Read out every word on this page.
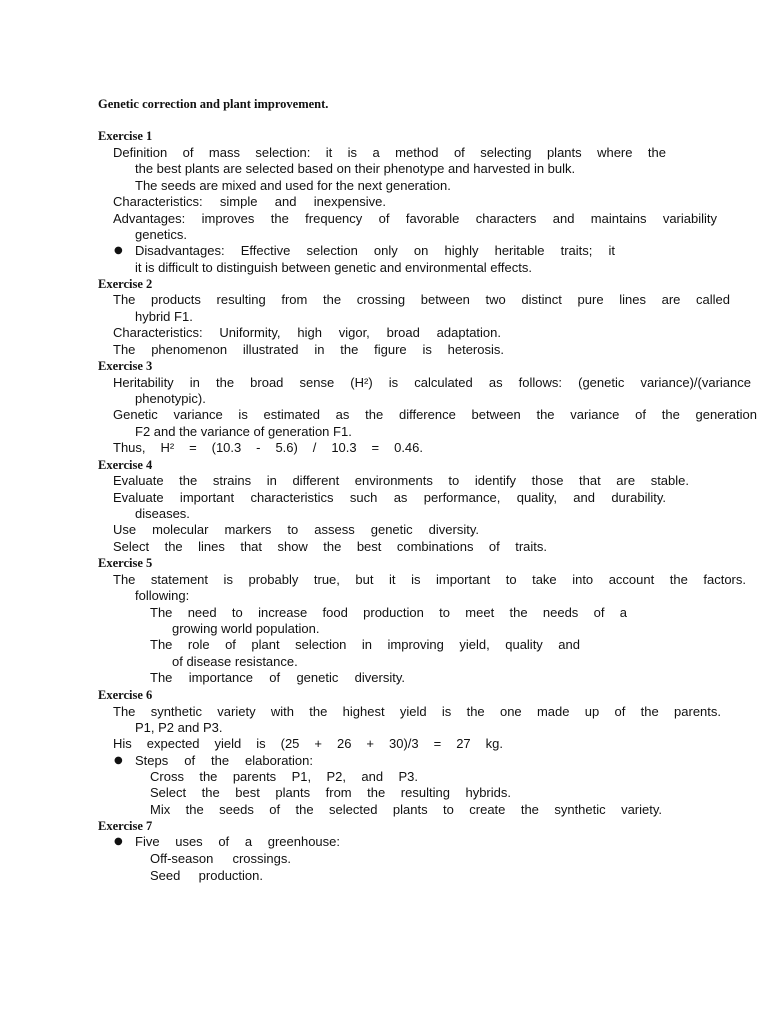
Genetic correction and plant improvement.
Exercise 1
Definition of mass selection: it is a method of selecting plants where the
the best plants are selected based on their phenotype and harvested in bulk.
The seeds are mixed and used for the next generation.
Characteristics: simple and inexpensive.
Advantages: improves the frequency of favorable characters and maintains variability
genetics.
● Disadvantages: Effective selection only on highly heritable traits; it
it is difficult to distinguish between genetic and environmental effects.
Exercise 2
The products resulting from the crossing between two distinct pure lines are called
hybrid F1.
Characteristics: Uniformity, high vigor, broad adaptation.
The phenomenon illustrated in the figure is heterosis.
Exercise 3
Heritability in the broad sense (H²) is calculated as follows: (genetic variance)/(variance
phenotypic).
Genetic variance is estimated as the difference between the variance of the generation
F2 and the variance of generation F1.
Thus, H² = (10.3 - 5.6) / 10.3 = 0.46.
Exercise 4
Evaluate the strains in different environments to identify those that are stable.
Evaluate important characteristics such as performance, quality, and durability.
diseases.
Use molecular markers to assess genetic diversity.
Select the lines that show the best combinations of traits.
Exercise 5
The statement is probably true, but it is important to take into account the factors.
following:
The need to increase food production to meet the needs of a
growing world population.
The role of plant selection in improving yield, quality and
of disease resistance.
The importance of genetic diversity.
Exercise 6
The synthetic variety with the highest yield is the one made up of the parents.
P1, P2 and P3.
His expected yield is (25 + 26 + 30)/3 = 27 kg.
● Steps of the elaboration:
Cross the parents P1, P2, and P3.
Select the best plants from the resulting hybrids.
Mix the seeds of the selected plants to create the synthetic variety.
Exercise 7
● Five uses of a greenhouse:
Off-season crossings.
Seed production.
